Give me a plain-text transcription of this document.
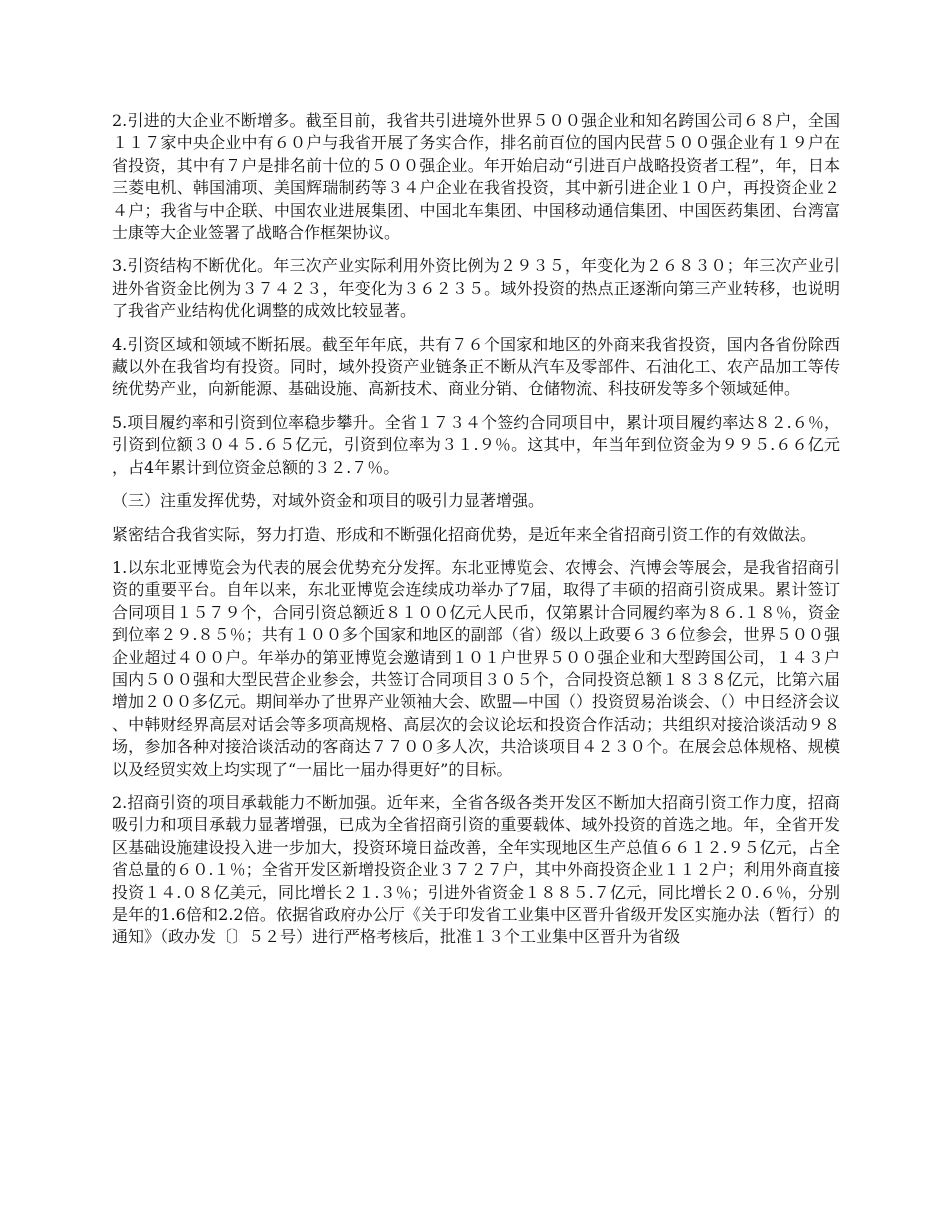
2.引进的大企业不断增多。截至目前，我省共引进境外世界５００强企业和知名跨国公司６８户，全国１１７家中央企业中有６０户与我省开展了务实合作，排名前百位的国内民营５００强企业有１９户在省投资，其中有７户是排名前十位的５００强企业。年开始启动“引进百户战略投资者工程”，年，日本三菱电机、韩国浦项、美国辉瑞制药等３４户企业在我省投资，其中新引进企业１０户，再投资企业２４户；我省与中企联、中国农业进展集团、中国北车集团、中国移动通信集团、中国医药集团、台湾富士康等大企业签署了战略合作框架协议。

3.引资结构不断优化。年三次产业实际利用外资比例为２９３５，年变化为２６８３０；年三次产业引进外省资金比例为３７４２３，年变化为３６２３５。域外投资的热点正逐渐向第三产业转移，也说明了我省产业结构优化调整的成效比较显著。

4.引资区域和领域不断拓展。截至年年底，共有７６个国家和地区的外商来我省投资，国内各省份除西藏以外在我省均有投资。同时，域外投资产业链条正不断从汽车及零部件、石油化工、农产品加工等传统优势产业，向新能源、基础设施、高新技术、商业分销、仓储物流、科技研发等多个领域延伸。

5.项目履约率和引资到位率稳步攀升。全省１７３４个签约合同项目中，累计项目履约率达８２.６％，引资到位额３０４５.６５亿元，引资到位率为３１.９％。这其中，年当年到位资金为９９５.６６亿元，占4年累计到位资金总额的３２.７％。

（三）注重发挥优势，对域外资金和项目的吸引力显著增强。

紧密结合我省实际，努力打造、形成和不断强化招商优势，是近年来全省招商引资工作的有效做法。

1.以东北亚博览会为代表的展会优势充分发挥。东北亚博览会、农博会、汽博会等展会，是我省招商引资的重要平台。自年以来，东北亚博览会连续成功举办了7届，取得了丰硕的招商引资成果。累计签订合同项目１５７９个，合同引资总额近８１００亿元人民币，仅第累计合同履约率为８６.１８％，资金到位率２９.８５％；共有１００多个国家和地区的副部（省）级以上政要６３６位参会，世界５００强企业超过４００户。年举办的第亚博览会邀请到１０１户世界５００强企业和大型跨国公司，１４３户国内５００强和大型民营企业参会，共签订合同项目３０５个，合同投资总额１８３８亿元，比第六届增加２００多亿元。期间举办了世界产业领袖大会、欧盟—中国（）投资贸易治谈会、（）中日经济会议、中韩财经界高层对话会等多项高规格、高层次的会议论坛和投资合作活动；共组织对接洽谈活动９８场，参加各种对接洽谈活动的客商达７７００多人次，共洽谈项目４２３０个。在展会总体规格、规模以及经贸实效上均实现了“一届比一届办得更好”的目标。

2.招商引资的项目承载能力不断加强。近年来，全省各级各类开发区不断加大招商引资工作力度，招商吸引力和项目承载力显著增强，已成为全省招商引资的重要载体、域外投资的首选之地。年，全省开发区基础设施建设投入进一步加大，投资环境日益改善，全年实现地区生产总值６６１２.９５亿元，占全省总量的６０.１％；全省开发区新增投资企业３７２７户，其中外商投资企业１１２户；利用外商直接投资１４.０８亿美元，同比增长２１.３％；引进外省资金１８８５.７亿元，同比增长２０.６％，分别是年的1.6倍和2.2倍。依据省政府办公厅《关于印发省工业集中区晋升省级开发区实施办法（暂行）的通知》（政办发〔〕５２号）进行严格考核后，批准１３个工业集中区晋升为省级
